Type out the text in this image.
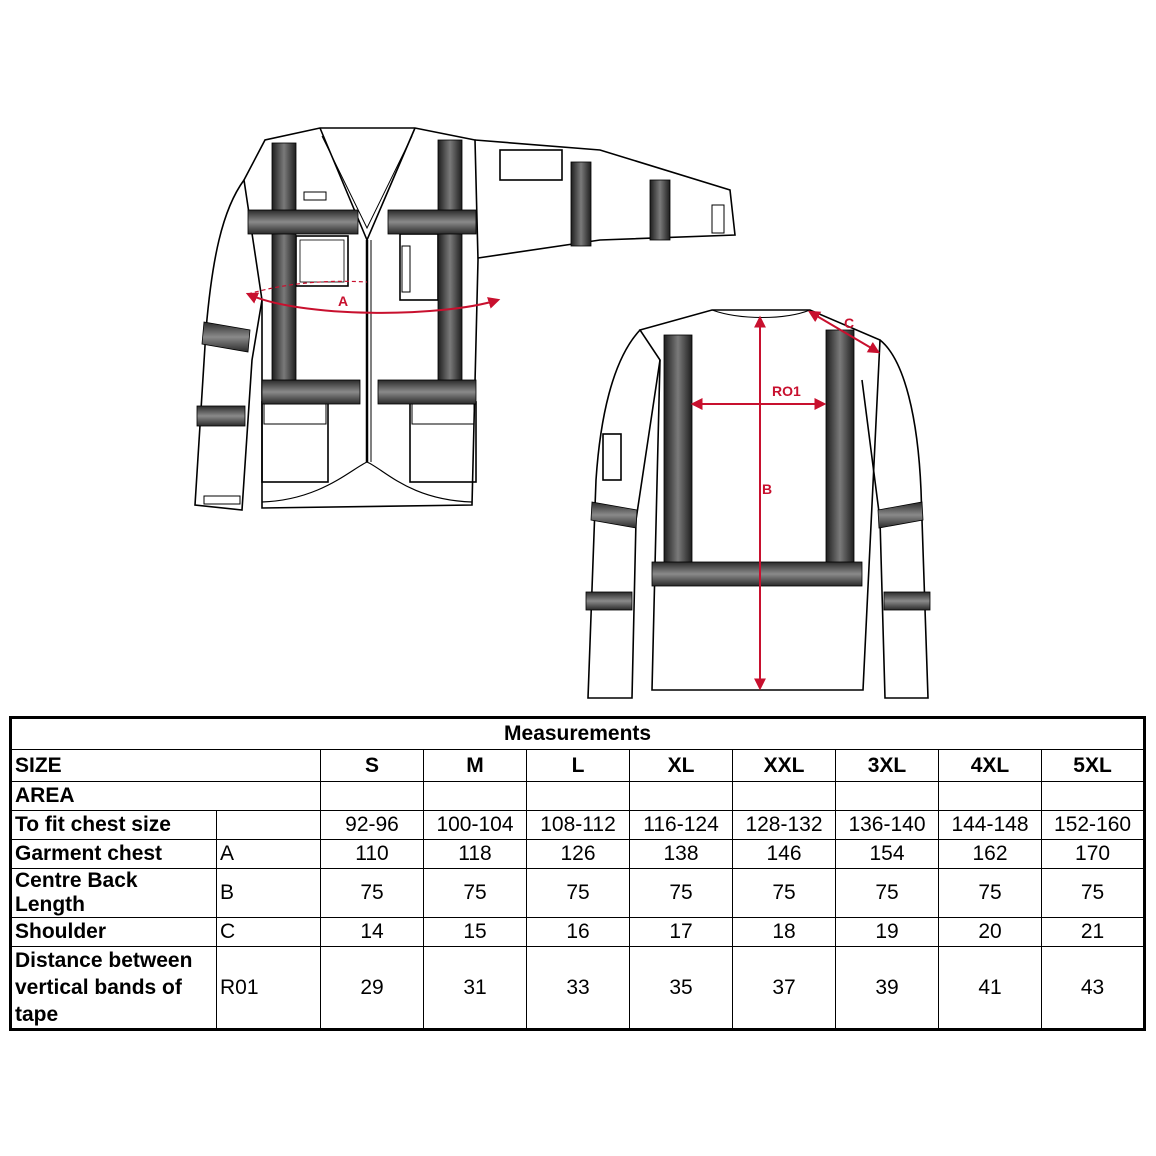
A
B
RO1
C
Measurements									
SIZE		S	M	L	XL	XXL	3XL	4XL	5XL
AREA									
To fit chest size		92-96	100-104	108-112	116-124	128-132	136-140	144-148	152-160
Garment chest	A	110	118	126	138	146	154	162	170
Centre Back Length	B	75	75	75	75	75	75	75	75
Shoulder	C	14	15	16	17	18	19	20	21
Distance between vertical bands of tape	R01	29	31	33	35	37	39	41	43
